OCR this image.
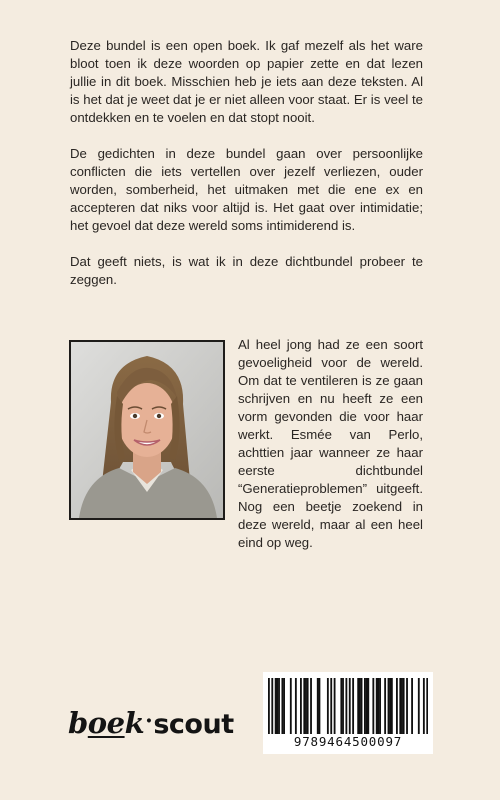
Deze bundel is een open boek. Ik gaf mezelf als het ware bloot toen ik deze woorden op papier zette en dat lezen jullie in dit boek. Misschien heb je iets aan deze teksten. Al is het dat je weet dat je er niet alleen voor staat. Er is veel te ontdekken en te voelen en dat stopt nooit.

De gedichten in deze bundel gaan over persoonlijke conflicten die iets vertellen over jezelf verliezen, ouder worden, somberheid, het uitmaken met die ene ex en accepteren dat niks voor altijd is. Het gaat over intimidatie; het gevoel dat deze wereld soms intimiderend is.

Dat geeft niets, is wat ik in deze dichtbundel probeer te zeggen.

Al heel jong had ze een soort gevoeligheid voor de wereld. Om dat te ventileren is ze gaan schrijven en nu heeft ze een vorm gevonden die voor haar werkt. Esmée van Perlo, achttien jaar wanneer ze haar eerste dichtbundel “Generatieproblemen” uitgeeft. Nog een beetje zoekend in deze wereld, maar al een heel eind op weg.

boek·scout
9789464500097
